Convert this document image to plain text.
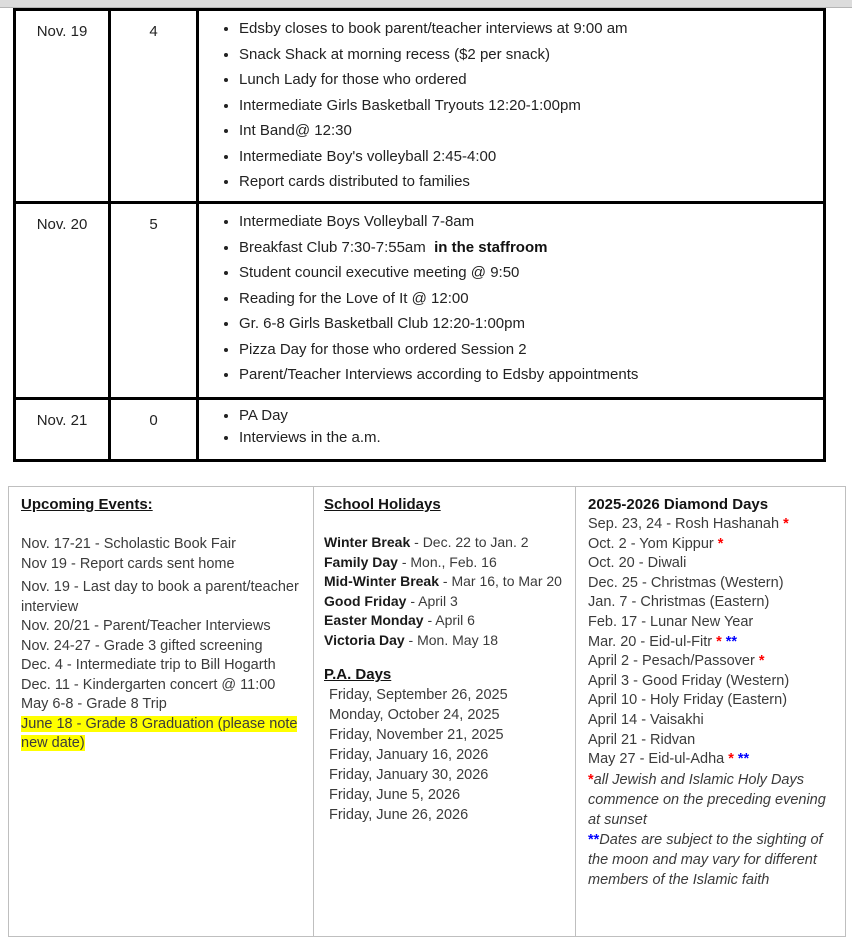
Nov. 19	4	
•Edsby closes to book parent/teacher interviews at 9:00 am
• Snack Shack at morning recess ($2 per snack)
• Lunch Lady for those who ordered
• Intermediate Girls Basketball Tryouts 12:20-1:00pm
• Int Band@ 12:30
• Intermediate Boy's volleyball 2:45-4:00
• Report cards distributed to families

Nov. 20	5	
•Intermediate Boys Volleyball 7-8am
• Breakfast Club 7:30-7:55am in the staffroom
• Student council executive meeting @ 9:50
• Reading for the Love of It @ 12:00
• Gr. 6-8 Girls Basketball Club 12:20-1:00pm
• Pizza Day for those who ordered Session 2
• Parent/Teacher Interviews according to Edsby appointments

Nov. 21	0	
•PA Day
• Interviews in the a.m.
Upcoming Events:
Nov. 17-21 - Scholastic Book Fair
Nov 19 - Report cards sent home
Nov. 19 - Last day to book a parent/teacher interview
Nov. 20/21 - Parent/Teacher Interviews
Nov. 24-27 - Grade 3 gifted screening
Dec. 4 - Intermediate trip to Bill Hogarth
Dec. 11 - Kindergarten concert @ 11:00
May 6-8 - Grade 8 Trip
June 18 - Grade 8 Graduation (please note new date)
School Holidays
Winter Break - Dec. 22 to Jan. 2
Family Day - Mon., Feb. 16
Mid-Winter Break - Mar 16, to Mar 20
Good Friday - April 3
Easter Monday - April 6
Victoria Day - Mon. May 18
P.A. Days
Friday, September 26, 2025
Monday, October 24, 2025
Friday, November 21, 2025
Friday, January 16, 2026
Friday, January 30, 2026
Friday, June 5, 2026
Friday, June 26, 2026
2025-2026 Diamond Days
Sep. 23, 24 - Rosh Hashanah *
Oct. 2 - Yom Kippur *
Oct. 20 - Diwali
Dec. 25 - Christmas (Western)
Jan. 7 - Christmas (Eastern)
Feb. 17 - Lunar New Year
Mar. 20 - Eid-ul-Fitr * **
April 2 - Pesach/Passover *
April 3 - Good Friday (Western)
April 10 - Holy Friday (Eastern)
April 14 - Vaisakhi
April 21 - Ridvan
May 27 - Eid-ul-Adha * **
*all Jewish and Islamic Holy Days commence on the preceding evening at sunset
**Dates are subject to the sighting of the moon and may vary for different members of the Islamic faith
